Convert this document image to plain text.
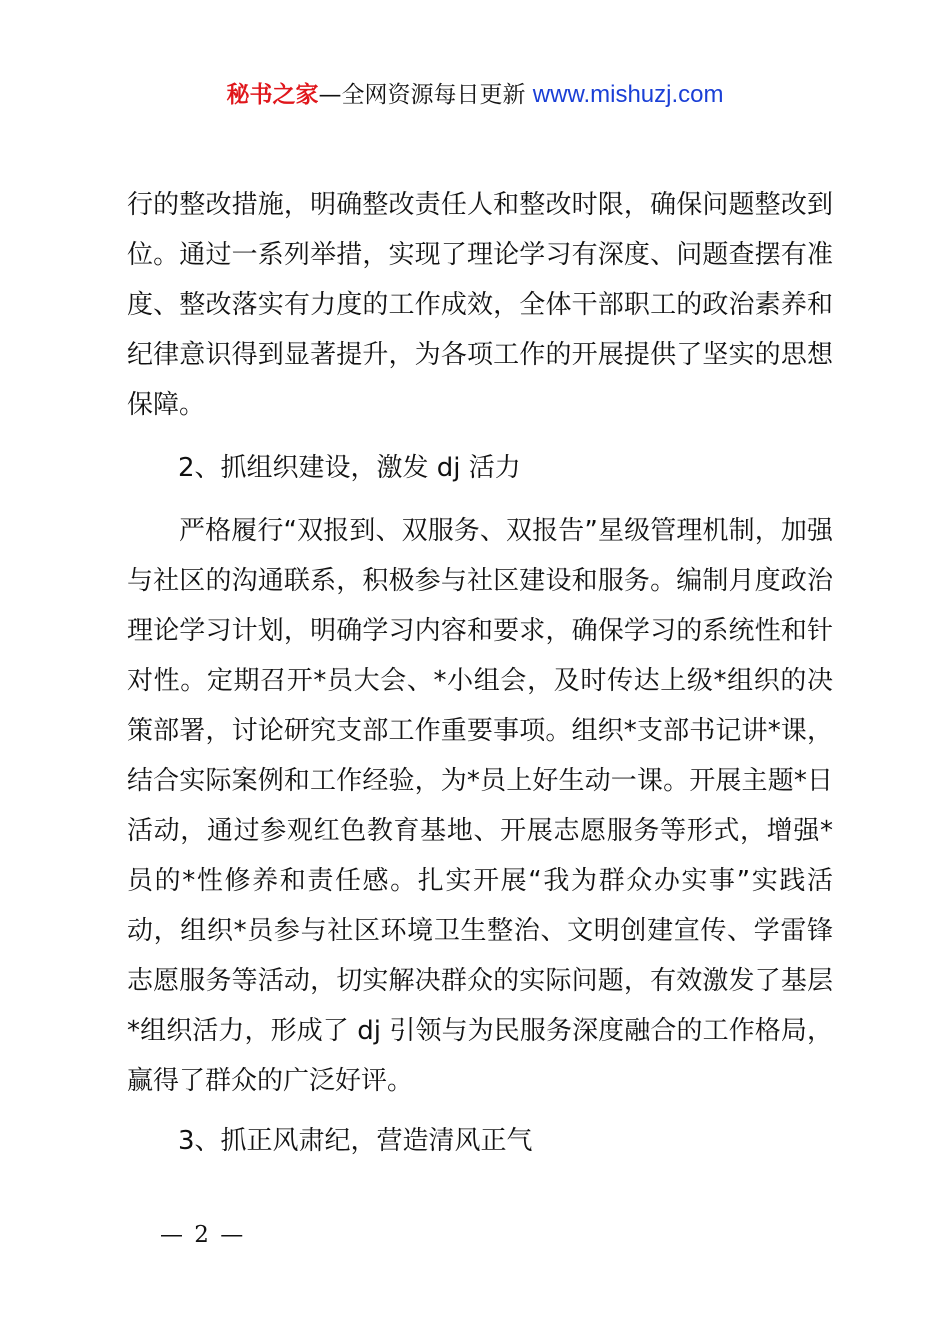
秘书之家—全网资源每日更新 www.mishuzj.com

行的整改措施，明确整改责任人和整改时限，确保问题整改到位。通过一系列举措，实现了理论学习有深度、问题查摆有准度、整改落实有力度的工作成效，全体干部职工的政治素养和纪律意识得到显著提升，为各项工作的开展提供了坚实的思想保障。

2、抓组织建设，激发 dj 活力

严格履行“双报到、双服务、双报告”星级管理机制，加强与社区的沟通联系，积极参与社区建设和服务。编制月度政治理论学习计划，明确学习内容和要求，确保学习的系统性和针对性。定期召开*员大会、*小组会，及时传达上级*组织的决策部署，讨论研究支部工作重要事项。组织*支部书记讲*课，结合实际案例和工作经验，为*员上好生动一课。开展主题*日活动，通过参观红色教育基地、开展志愿服务等形式，增强*员的*性修养和责任感。扎实开展“我为群众办实事”实践活动，组织*员参与社区环境卫生整治、文明创建宣传、学雷锋志愿服务等活动，切实解决群众的实际问题，有效激发了基层*组织活力，形成了 dj 引领与为民服务深度融合的工作格局，赢得了群众的广泛好评。

3、抓正风肃纪，营造清风正气

— 2 —
